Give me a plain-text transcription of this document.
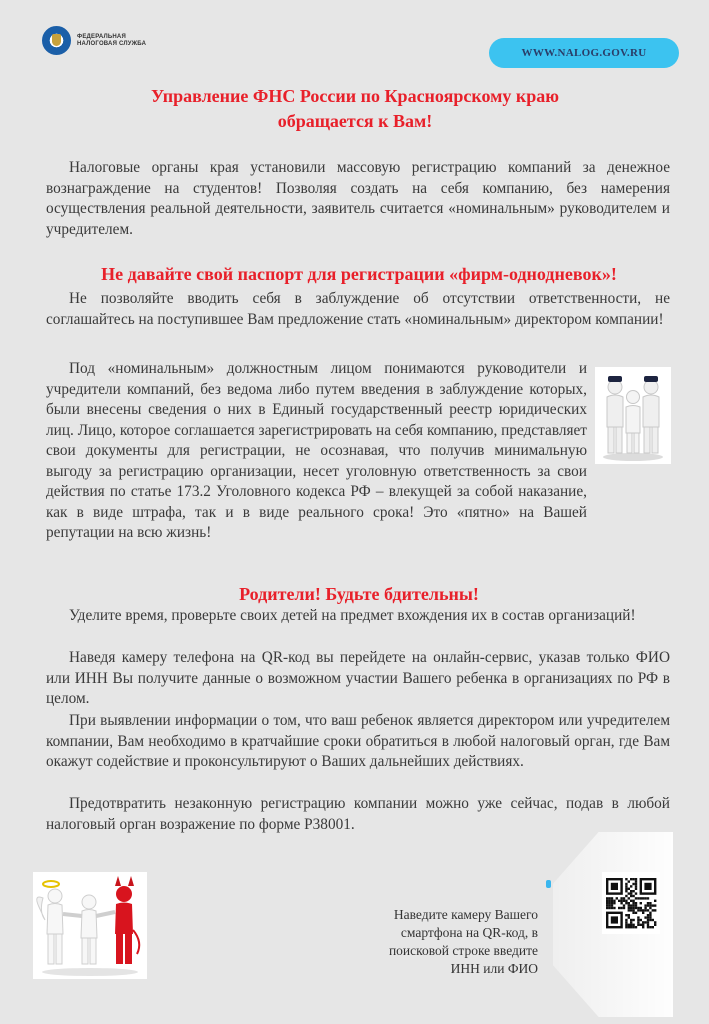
ФЕДЕРАЛЬНАЯ
НАЛОГОВАЯ СЛУЖБА
WWW.NALOG.GOV.RU
Управление ФНС России по Красноярскому краю
обращается к Вам!

Налоговые органы края установили массовую регистрацию компаний за денежное вознаграждение на студентов! Позволяя создать на себя компанию, без намерения осуществления реальной деятельности, заявитель считается «номинальным» руководителем и учредителем.

Не давайте свой паспорт для регистрации «фирм-однодневок»!

Не позволяйте вводить себя в заблуждение об отсутствии ответственности, не соглашайтесь на поступившее Вам предложение стать «номинальным» директором компании!

Под «номинальным» должностным лицом понимаются руководители и учредители компаний, без ведома либо путем введения в заблуждение которых, были внесены сведения о них в Единый государственный реестр юридических лиц. Лицо, которое соглашается зарегистрировать на себя компанию, представляет свои документы для регистрации, не осознавая, что получив минимальную выгоду за регистрацию организации, несет уголовную ответственность за свои действия по статье 173.2 Уголовного кодекса РФ – влекущей за собой наказание, как в виде штрафа, так и в виде реального срока! Это «пятно» на Вашей репутации на всю жизнь!

Родители! Будьте бдительны!

Уделите время, проверьте своих детей на предмет вхождения их в состав организаций!

Наведя камеру телефона на QR-код вы перейдете на онлайн-сервис, указав только ФИО или ИНН Вы получите данные о возможном участии Вашего ребенка в организациях по РФ в целом.

При выявлении информации о том, что ваш ребенок является директором или учредителем компании, Вам необходимо в кратчайшие сроки обратиться в любой налоговый орган, где Вам окажут содействие и проконсультируют о Ваших дальнейших действиях.

Предотвратить незаконную регистрацию компании можно уже сейчас, подав в любой налоговый орган возражение по форме Р38001.

Наведите камеру Вашего
смартфона на QR-код, в
поисковой строке введите
ИНН или ФИО
